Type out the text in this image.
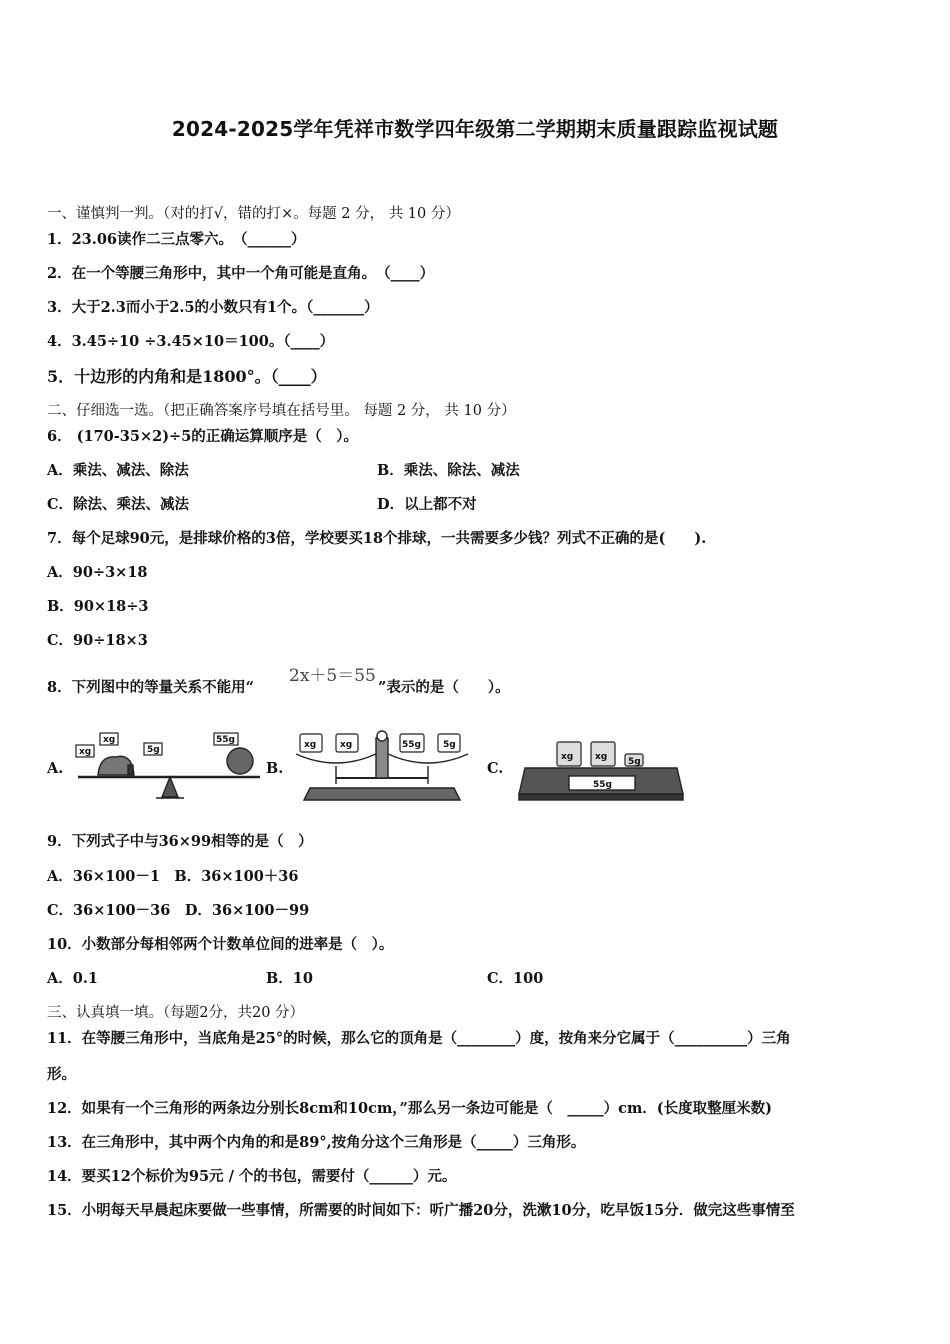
2024-2025学年凭祥市数学四年级第二学期期末质量跟踪监视试题
一、谨慎判一判。（对的打√，错的打×。每题 2 分， 共 10 分）
1．23.06读作二三点零六。　（______）
2．在一个等腰三角形中，其中一个角可能是直角。　（____）
3．大于2.3而小于2.5的小数只有1个。（_______）
4．3.45÷10 ÷3.45×10＝100。（____）
5．十边形的内角和是1800°。（____）
二、仔细选一选。（把正确答案序号填在括号里。 每题 2 分， 共 10 分）
6． (170-35×2)÷5的正确运算顺序是（　）。
A．乘法、减法、除法	B．乘法、除法、减法
C．除法、乘法、减法	D．以上都不对
7．每个足球90元，是排球价格的3倍，学校要买18个排球，一共需要多少钱？列式不正确的是(　　).
A．90÷3×18
B．90×18÷3
C．90÷18×3
8．下列图中的等量关系不能用“
2x＋5＝55
”表示的是（　　）。
A.	B.	C.
xg
xg
5g
55g	xg	xg	55g 5g
xg xg 5g
55g
9．下列式子中与36×99相等的是（　）
A．36×100－1　B．36×100＋36
C．36×100－36　D．36×100－99
10．小数部分每相邻两个计数单位间的进率是（　）。
A．0.1	B．10	C．100
三、认真填一填。（每题2分，共20 分）
11．在等腰三角形中，当底角是25°的时候，那么它的顶角是（________）度，按角来分它属于（__________）三角
形。
12．如果有一个三角形的两条边分别长8cm和10cm，”那么另一条边可能是（　_____）cm．(长度取整厘米数)
13．在三角形中，其中两个内角的和是89°,按角分这个三角形是（_____）三角形。
14．要买12个标价为95元 / 个的书包，需要付（______）元。
15．小明每天早晨起床要做一些事情，所需要的时间如下：听广播20分，洗漱10分，吃早饭15分．做完这些事情至
